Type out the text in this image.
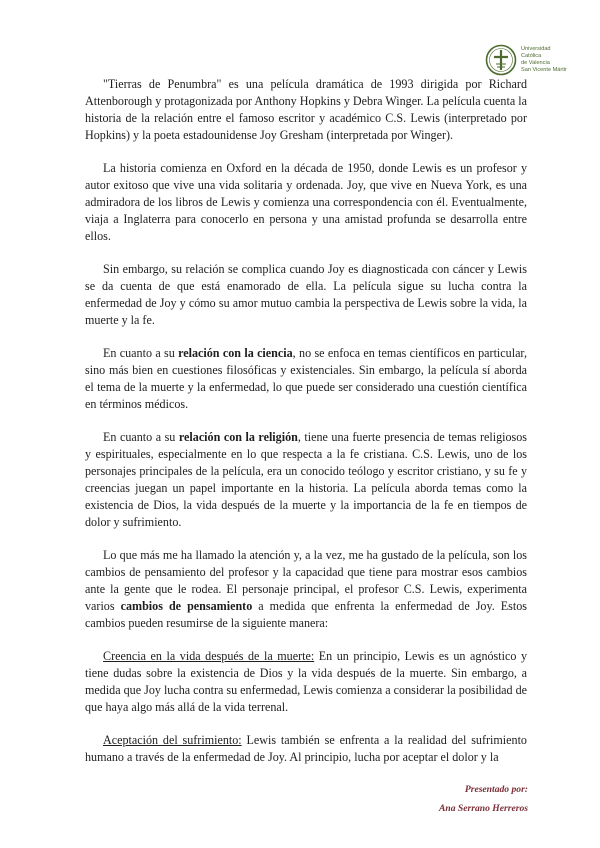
Universidad
Católica
de Valencia
San Vicente Mártir

"Tierras de Penumbra" es una película dramática de 1993 dirigida por Richard Attenborough y protagonizada por Anthony Hopkins y Debra Winger. La película cuenta la historia de la relación entre el famoso escritor y académico C.S. Lewis (interpretado por Hopkins) y la poeta estadounidense Joy Gresham (interpretada por Winger).

La historia comienza en Oxford en la década de 1950, donde Lewis es un profesor y autor exitoso que vive una vida solitaria y ordenada. Joy, que vive en Nueva York, es una admiradora de los libros de Lewis y comienza una correspondencia con él. Eventualmente, viaja a Inglaterra para conocerlo en persona y una amistad profunda se desarrolla entre ellos.

Sin embargo, su relación se complica cuando Joy es diagnosticada con cáncer y Lewis se da cuenta de que está enamorado de ella. La película sigue su lucha contra la enfermedad de Joy y cómo su amor mutuo cambia la perspectiva de Lewis sobre la vida, la muerte y la fe.

En cuanto a su relación con la ciencia, no se enfoca en temas científicos en particular, sino más bien en cuestiones filosóficas y existenciales. Sin embargo, la película sí aborda el tema de la muerte y la enfermedad, lo que puede ser considerado una cuestión científica en términos médicos.

En cuanto a su relación con la religión, tiene una fuerte presencia de temas religiosos y espirituales, especialmente en lo que respecta a la fe cristiana. C.S. Lewis, uno de los personajes principales de la película, era un conocido teólogo y escritor cristiano, y su fe y creencias juegan un papel importante en la historia. La película aborda temas como la existencia de Dios, la vida después de la muerte y la importancia de la fe en tiempos de dolor y sufrimiento.

Lo que más me ha llamado la atención y, a la vez, me ha gustado de la película, son los cambios de pensamiento del profesor y la capacidad que tiene para mostrar esos cambios ante la gente que le rodea. El personaje principal, el profesor C.S. Lewis, experimenta varios cambios de pensamiento a medida que enfrenta la enfermedad de Joy. Estos cambios pueden resumirse de la siguiente manera:

Creencia en la vida después de la muerte: En un principio, Lewis es un agnóstico y tiene dudas sobre la existencia de Dios y la vida después de la muerte. Sin embargo, a medida que Joy lucha contra su enfermedad, Lewis comienza a considerar la posibilidad de que haya algo más allá de la vida terrenal.

Aceptación del sufrimiento: Lewis también se enfrenta a la realidad del sufrimiento humano a través de la enfermedad de Joy. Al principio, lucha por aceptar el dolor y la

Presentado por:
Ana Serrano Herreros
